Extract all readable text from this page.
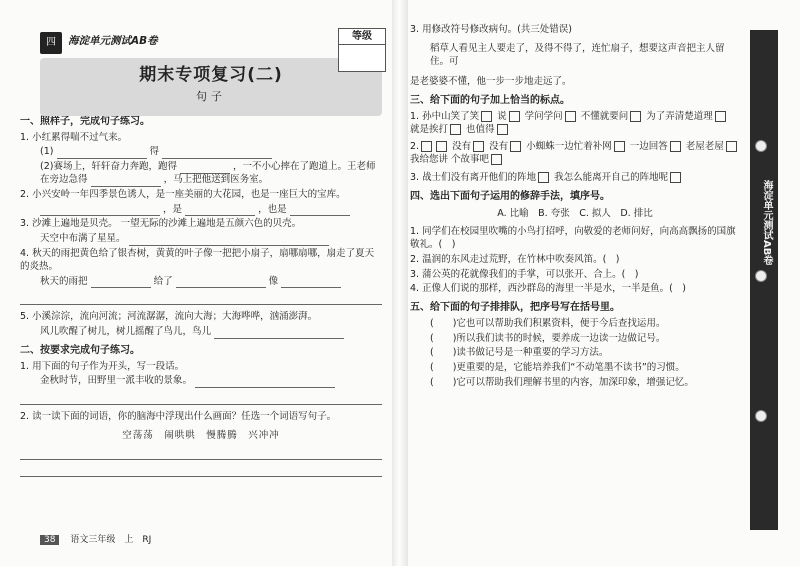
四	海淀单元测试AB卷
期末专项复习(二)
句子
等级
一、照样子，完成句子练习。
1. 小红累得喘不过气来。
(1)	得
(2)赛场上，轩轩奋力奔跑，跑得	，一不小心摔在了跑道上。王老师在旁边急得	，马上把他送到医务室。
2. 小兴安岭一年四季景色诱人，是一座美丽的大花园，也是一座巨大的宝库。
，是	，也是
3. 沙滩上遍地是贝壳。 一望无际的沙滩上遍地是五颜六色的贝壳。
天空中布满了星星。
4. 秋天的雨把黄色给了银杏树，黄黄的叶子像一把把小扇子，扇哪扇哪，扇走了夏天的炎热。
秋天的雨把	给了	像
5. 小溪淙淙，流向河流；河流潺潺，流向大海；大海哗哗，汹涌澎湃。
风儿吹醒了树儿，树儿摇醒了鸟儿，鸟儿
二、按要求完成句子练习。
1. 用下面的句子作为开头，写一段话。
金秋时节，田野里一派丰收的景象。
2. 读一读下面的词语，你的脑海中浮现出什么画面？任选一个词语写句子。
空荡荡　闹哄哄　慢腾腾　兴冲冲
38 语文三年级　上　RJ
3. 用修改符号修改病句。(共三处错误)
稻草人看见主人要走了，及得不得了，连忙扇子，想要这声音把主人留住。可
是老婆婆不懂，他一步一步地走远了。
三、给下面的句子加上恰当的标点。
1. 孙中山笑了笑 说 学问学问 不懂就要问 为了弄清楚道理 就是挨打 也值得
2.	没有 没有 小蜘蛛一边忙着补网 一边回答 老屋老屋 我给您讲 个故事吧
3. 战士们没有离开他们的阵地 我怎么能离开自己的阵地呢
四、选出下面句子运用的修辞手法，填序号。
A. 比喻　B. 夸张　C. 拟人　D. 排比
1. 同学们在校园里吹嘴的小鸟打招呼，向敬爱的老师问好，向高高飘扬的国旗敬礼。(　)
2. 温润的东风走过荒野，在竹林中吹奏风笛。(　)
3. 蒲公英的花就像我们的手掌，可以张开、合上。(　)
4. 正像人们说的那样，西沙群岛的海里一半是水，一半是鱼。(　)
五、给下面的句子排排队，把序号写在括号里。
(　　)它也可以帮助我们积累资料，便于今后查找运用。
(　　)所以我们读书的时候，要养成一边读一边做记号。
(　　)读书做记号是一种重要的学习方法。
(　　)更重要的是，它能培养我们“不动笔墨不读书”的习惯。
(　　)它可以帮助我们理解书里的内容，加深印象，增强记忆。
海淀单元测试AB卷
